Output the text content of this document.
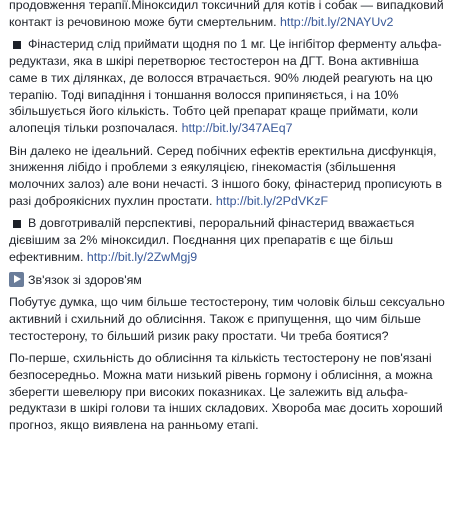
продовження терапії.Міноксидил токсичний для котів і собак — випадковий контакт із речовиною може бути смертельним. http://bit.ly/2NAYUv2

Фінастерид слід приймати щодня по 1 мг. Це інгібітор ферменту альфа-редуктази, яка в шкірі перетворює тестостерон на ДГТ. Вона активніша саме в тих ділянках, де волосся втрачається. 90% людей реагують на цю терапію. Тоді випадіння і тоншання волосся припиняється, і на 10% збільшується його кількість. Тобто цей препарат краще приймати, коли алопеція тільки розпочалася. http://bit.ly/347AEq7

Він далеко не ідеальний. Серед побічних ефектів еректильна дисфункція, зниження лібідо і проблеми з еякуляцією, гінекомастія (збільшення молочних залоз) але вони нечасті. З іншого боку, фінастерид прописують в разі доброякісних пухлин простати. http://bit.ly/2PdVKzF

В довготривалій перспективі, пероральний фінастерид вважається дієвішим за 2% міноксидил. Поєднання цих препаратів є ще більш ефективним. http://bit.ly/2ZwMgj9

Зв'язок зі здоров'ям

Побутує думка, що чим більше тестостерону, тим чоловік більш сексуально активний і схильний до облисіння. Також є припущення, що чим більше тестостерону, то більший ризик раку простати. Чи треба боятися?

По-перше, схильність до облисіння та кількість тестостерону не пов'язані безпосередньо. Можна мати низький рівень гормону і облисіння, а можна зберегти шевелюру при високих показниках. Це залежить від альфа-редуктази в шкірі голови та інших складових. Хвороба має досить хороший прогноз, якщо виявлена на ранньому етапі.
